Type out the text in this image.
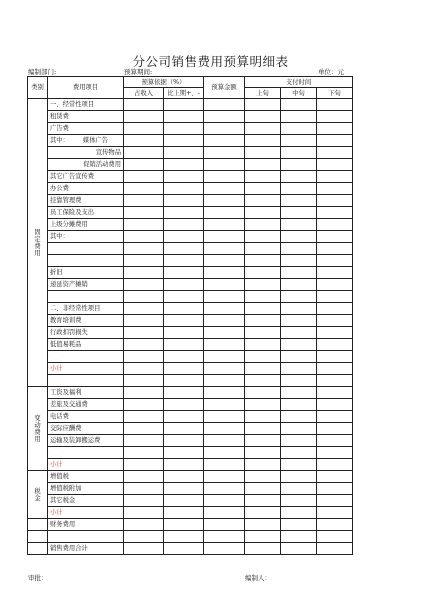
分公司销售费用预算明细表
编制部门:	预算期间:	单位：元
类别	费用项目	预算依据（%）		预算金额	支付时间		
		占收入	比上期+、-		上旬	中旬	下旬

固
定
费
用	一、经常性项目						
	租赁费						
	广告费						
	其中： 媒体广告						
	宣传物品						
	促销活动费用						
	其它广告宣传费						
	办公费						
	挂靠管理费						
	员工保险及支出						
	上级分摊费用						
	其中：						

	折旧						
	递延资产摊销						

	二、非经常性项目						
	教育培训费						
	行政扣罚损失						
	低值易耗品						

	小计						

变
动
费
用	工资及福利						
	差旅及交通费						
	电话费						
	交际应酬费						
	运输及装卸搬运费						

	小计						

税
金	增值税						
	增值税附加						
	其它税金						
	小计						
	财务费用						

	销售费用合计						
审批：	编制人：
